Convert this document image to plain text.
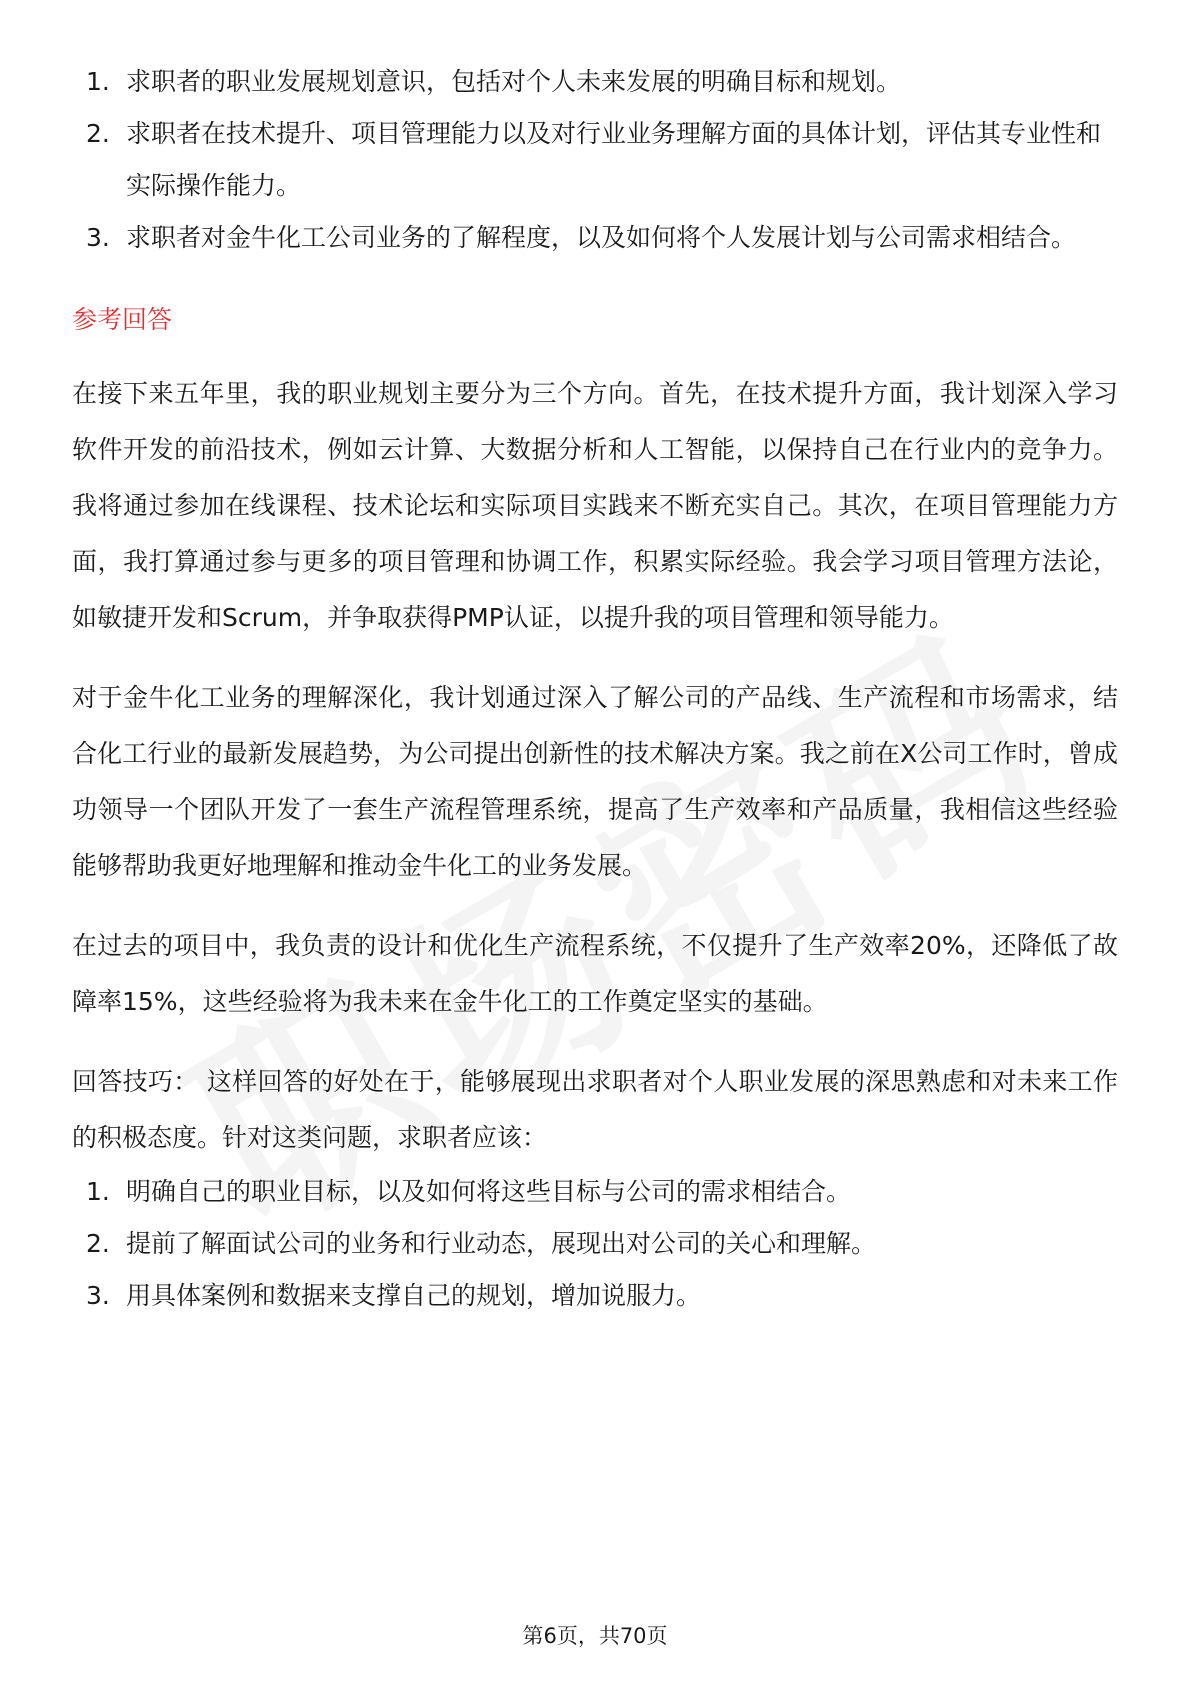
1. 求职者的职业发展规划意识，包括对个人未来发展的明确目标和规划。
2. 求职者在技术提升、项目管理能力以及对行业业务理解方面的具体计划，评估其专业性和实际操作能力。
3. 求职者对金牛化工公司业务的了解程度，以及如何将个人发展计划与公司需求相结合。
参考回答

在接下来五年里，我的职业规划主要分为三个方向。首先，在技术提升方面，我计划深入学习软件开发的前沿技术，例如云计算、大数据分析和人工智能，以保持自己在行业内的竞争力。我将通过参加在线课程、技术论坛和实际项目实践来不断充实自己。其次，在项目管理能力方面，我打算通过参与更多的项目管理和协调工作，积累实际经验。我会学习项目管理方法论，如敏捷开发和Scrum，并争取获得PMP认证，以提升我的项目管理和领导能力。

对于金牛化工业务的理解深化，我计划通过深入了解公司的产品线、生产流程和市场需求，结合化工行业的最新发展趋势，为公司提出创新性的技术解决方案。我之前在X公司工作时，曾成功领导一个团队开发了一套生产流程管理系统，提高了生产效率和产品质量，我相信这些经验能够帮助我更好地理解和推动金牛化工的业务发展。

在过去的项目中，我负责的设计和优化生产流程系统，不仅提升了生产效率20%，还降低了故障率15%，这些经验将为我未来在金牛化工的工作奠定坚实的基础。

回答技巧： 这样回答的好处在于，能够展现出求职者对个人职业发展的深思熟虑和对未来工作的积极态度。针对这类问题，求职者应该：

1. 明确自己的职业目标，以及如何将这些目标与公司的需求相结合。
2. 提前了解面试公司的业务和行业动态，展现出对公司的关心和理解。
3. 用具体案例和数据来支撑自己的规划，增加说服力。
第6页，共70页
